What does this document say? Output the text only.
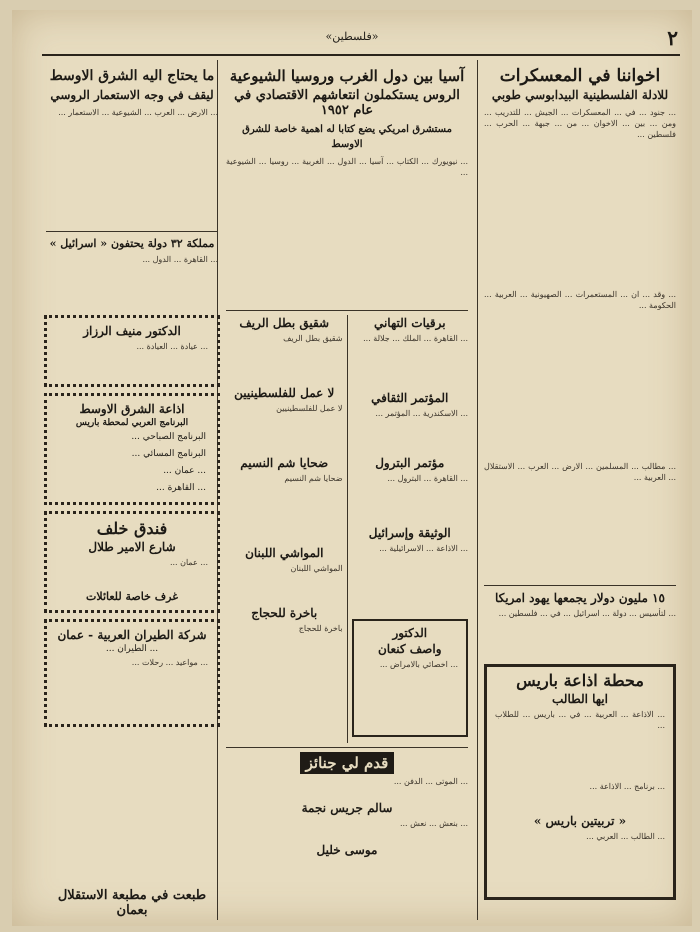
٢
«فلسطين»
اخواننا في المعسكرات
للادلة الفلسطينية البيدابوسي طوبي
... جنود ... في ... المعسكرات ... الجيش ... للتدريب ... ومن ... بين ... الاخوان ... من ... جبهة ... الحرب ... فلسطين ...
... وقد ... ان ... المستعمرات ... الصهيونية ... العربية ... الحكومة ...
... مطالب ... المسلمين ... الارض ... العرب ... الاستقلال ... العربية ...
١٥ مليون دولار يجمعها يهود امريكا
... لتأسيس ... دولة ... اسرائيل ... في ... فلسطين ...
محطة اذاعة باريس
ايها الطالب
... الاذاعة ... العربية ... في ... باريس ... للطلاب ...
... برنامج ... الاذاعة ...
« تربيتين باريس »
... الطالب ... العربي ...
آسيا بين دول الغرب وروسيا الشيوعية
الروس يستكملون انتعاشهم الاقتصادي في عام ١٩٥٢
مستشرق امريكي يضع كتابا له اهمية خاصة للشرق الاوسط
... نيويورك ... الكتاب ... آسيا ... الدول ... الغربية ... روسيا ... الشيوعية ...
برقيات التهاني
... القاهرة ... الملك ... جلالة ...
المؤتمر الثقافي
... الاسكندرية ... المؤتمر ...
مؤتمر البترول
... القاهرة ... البترول ...
الوثيقة وإسرائيل
... الاذاعة ... الاسرائيلية ...
الدكتور
واصف كنعان
... اخصائي بالامراض ...
شقيق بطل الريف
شقيق بطل الريف
لا عمل للفلسطينيين
لا عمل للفلسطينيين
ضحايا شم النسيم
ضحايا شم النسيم
المواشي اللبنان
المواشي اللبنان
باخرة للحجاج
باخرة للحجاج
قدم لي جنائز
... الموتى ... الدفن ...
سالم جريس نجمة
... بنعش ... نعش ...
موسى خليل
ما يحتاج اليه الشرق الاوسط
ليقف في وجه الاستعمار الروسي
... الارض ... العرب ... الشيوعية ... الاستعمار ...
مملكة ٣٢ دولة يحتفون « اسرائيل »
... القاهرة ... الدول ...
الدكتور منيف الرزاز
... عيادة ... العيادة ...
اذاعة الشرق الاوسط
البرنامج العربي لمحطة باريس
البرنامج الصباحي ...
البرنامج المسائي ...
... عمان ...
... القاهرة ...
فندق خلف
شارع الامير طلال
... عمان ...
غرف خاصة للعائلات
شركة الطيران العربية - عمان
... الطيران ...
... مواعيد ... رحلات ...
طبعت في مطبعة الاستقلال بعمان
